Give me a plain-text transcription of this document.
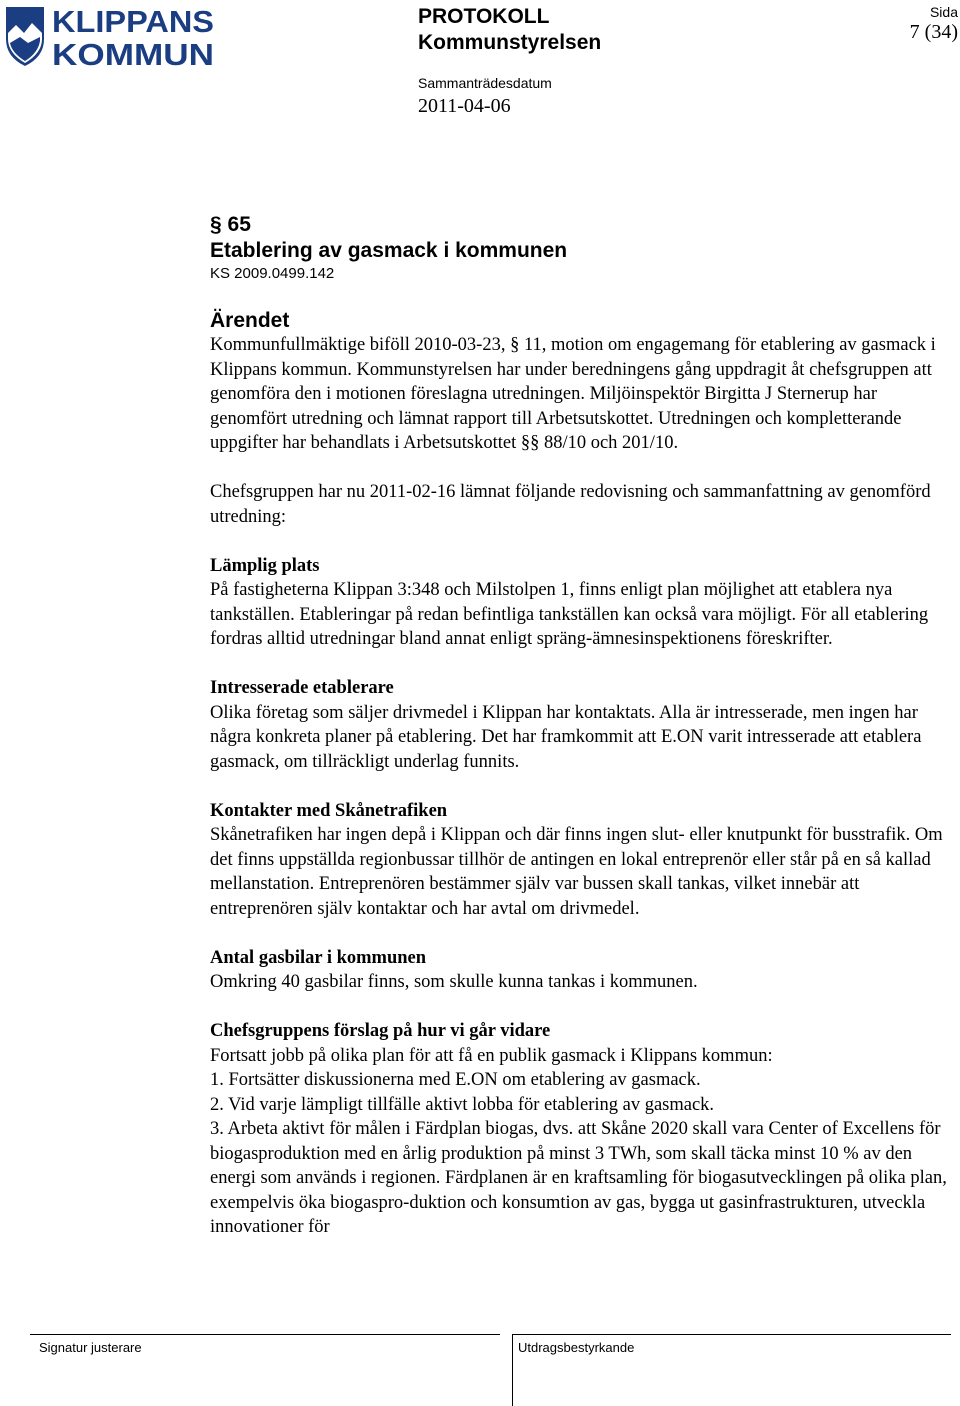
KLIPPANS
KOMMUN
PROTOKOLL
Kommunstyrelsen
Sammanträdesdatum
2011-04-06
Sida
7 (34)
§ 65
Etablering av gasmack i kommunen
KS 2009.0499.142
Ärendet

Kommunfullmäktige biföll 2010-03-23, § 11, motion om engagemang för etablering av gasmack i Klippans kommun. Kommunstyrelsen har under beredningens gång uppdragit åt chefsgruppen att genomföra den i motionen föreslagna utredningen. Miljöinspektör Birgitta J Sternerup har genomfört utredning och lämnat rapport till Arbetsutskottet. Utredningen och kompletterande uppgifter har behandlats i Arbetsutskottet §§ 88/10 och 201/10.

Chefsgruppen har nu 2011-02-16 lämnat följande redovisning och sammanfattning av genomförd utredning:

Lämplig plats

På fastigheterna Klippan 3:348 och Milstolpen 1, finns enligt plan möjlighet att etablera nya tankställen. Etableringar på redan befintliga tankställen kan också vara möjligt. För all etablering fordras alltid utredningar bland annat enligt spräng-ämnesinspektionens föreskrifter.

Intresserade etablerare

Olika företag som säljer drivmedel i Klippan har kontaktats. Alla är intresserade, men ingen har några konkreta planer på etablering. Det har framkommit att E.ON varit intresserade att etablera gasmack, om tillräckligt underlag funnits.

Kontakter med Skånetrafiken

Skånetrafiken har ingen depå i Klippan och där finns ingen slut- eller knutpunkt för busstrafik. Om det finns uppställda regionbussar tillhör de antingen en lokal entreprenör eller står på en så kallad mellanstation. Entreprenören bestämmer själv var bussen skall tankas, vilket innebär att entreprenören själv kontaktar och har avtal om drivmedel.

Antal gasbilar i kommunen

Omkring 40 gasbilar finns, som skulle kunna tankas i kommunen.

Chefsgruppens förslag på hur vi går vidare

Fortsatt jobb på olika plan för att få en publik gasmack i Klippans kommun:

1. Fortsätter diskussionerna med E.ON om etablering av gasmack.

2. Vid varje lämpligt tillfälle aktivt lobba för etablering av gasmack.

3. Arbeta aktivt för målen i Färdplan biogas, dvs. att Skåne 2020 skall vara Center of Excellens för biogasproduktion med en årlig produktion på minst 3 TWh, som skall täcka minst 10 % av den energi som används i regionen. Färdplanen är en kraftsamling för biogasutvecklingen på olika plan, exempelvis öka biogaspro-duktion och konsumtion av gas, bygga ut gasinfrastrukturen, utveckla innovationer för

Signatur justerare	Utdragsbestyrkande
